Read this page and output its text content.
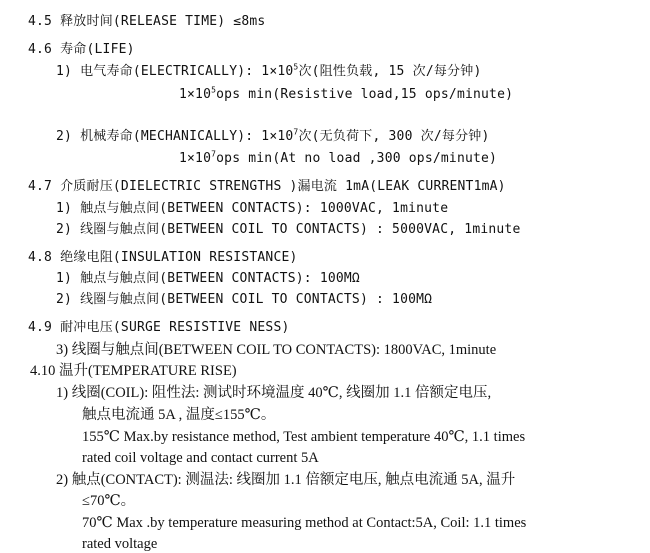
4.5 释放时间(RELEASE TIME) ≤8ms
4.6 寿命(LIFE)
1) 电气寿命(ELECTRICALLY): $1\times 10^5$次(阻性负载, 15 次/每分钟)
$1\times 10^5ops$ min(Resistive load,15 ops/minute)
2) 机械寿命(MECHANICALLY): $1\times 10^7$次(无负荷下, 300 次/每分钟)
$1\times 10^7ops$ min(At no load ,300 ops/minute)
4.7 介质耐压(DIELECTRIC STRENGTHS )漏电流 1mA(LEAK CURRENT1mA)
1) 触点与触点间(BETWEEN CONTACTS): 1000VAC, 1minute
2) 线圈与触点间(BETWEEN COIL TO CONTACTS) : 5000VAC, 1minute
4.8 绝缘电阻(INSULATION RESISTANCE)
1) 触点与触点间(BETWEEN CONTACTS): 100MΩ
2) 线圈与触点间(BETWEEN COIL TO CONTACTS) : 100MΩ
4.9 耐冲电压(SURGE RESISTIVE NESS)
3) 线圈与触点间(BETWEEN COIL TO CONTACTS): 1800VAC, 1minute
4.10 温升(TEMPERATURE RISE)
1) 线圈(COIL): 阻性法: 测试时环境温度 40℃, 线圈加 1.1 倍额定电压,
触点电流通 5A , 温度≤155℃。
155℃ Max.by resistance method, Test ambient temperature 40℃, 1.1 times
rated coil voltage and contact current 5A
2) 触点(CONTACT): 测温法: 线圈加 1.1 倍额定电压, 触点电流通 5A, 温升
≤70℃。
70℃ Max .by temperature measuring method at Contact:5A, Coil: 1.1 times
rated voltage
